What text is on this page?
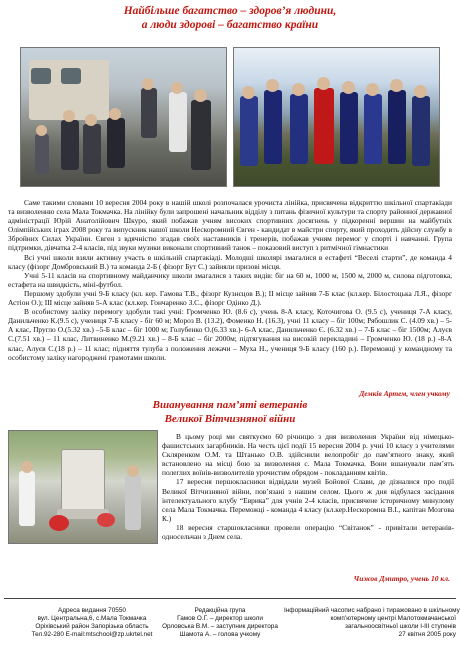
Найбільше багатство – здоров’я людини,
а люди здорові – багатство країни

Саме такими словами 10 вересня 2004 року в нашій школі розпочалася урочиста лінійка, присвячена відкриттю шкільної спартакіади та визволенню села Мала Токмачка. На лінійку були запрошені начальник відділу з питань фізичної культури та спорту районної державної адміністрації Юрій Анатолійович Шкуро, який побажав учням високих спортивних досягнень у підкоренні вершин на майбутніх Олімпійських іграх 2008 року та випускник нашої школи Нескоромний Євген - кандидат в майстри спорту, який проходить дійсну службу в Збройних Силах України. Євген з вдячністю згадав своїх наставників і тренерів, побажав учням перемог у спорті і навчанні. Група підтримки, дівчатка 2-4 класів, під звуки музики виконали спортивний танок – показовий виступ з ритмічної гімнастики

Всі учні школи взяли активну участь в шкільній спартакіаді. Молодші школярі змагалися в естафеті “Веселі старти”, де команда 4 класу (фізорг Домбровський В.) та команда 2-Б ( фізорг Бут С.) зайняли призові місця.

Учні 5-11 класів на спортивному майданчику школи змагалися з таких видів: біг на 60 м, 1000 м, 1500 м, 2000 м, силова підготовка, естафета на швидкість, міні-футбол.

Першому здобули учні 9-Б класу (кл. кер. Гамова Т.В., фізорг Кузнєцов В.); ІІ місце зайняв 7-Б клас (кл.кер. Білостоцька Л.Я., фізорг Астіон О.); ІІІ місце зайняв 5-А клас (кл.кер. Гончаренко З.С., фізорг Одінко Д.).

В особистому заліку перемогу здобули такі учні: Громченко Ю. (8.6 с), учень 8-А класу, Коточигова О. (9.5 с), учениця 7-А класу, Данильченко К.(9.5 с), учениця 7-Б класу - біг 60 м; Мороз В. (13.2), Фоменко Н. (16.3), учні 11 класу – біг 100м; Рябошлик С. (4.09 хв.) – 5-А клас, Пругло О.(5.32 хв.) –5-Б клас – біг 1000 м; Голубенко О.(6.33 хв.)- 6-А клас, Данильченко Є. (6.32 хв.) – 7-Б клас – біг 1500м; Алуєв С.(7.51 хв.) – 11 клас, Литвиненко М.(9.21 хв.) – 8-Б клас – біг 2000м; підтягування на високій перекладині – Громченко Ю. (18 р.) -8-А клас, Алуєв С.(18 р.) – 11 клас; підняття тулуба з положення лежачи – Муха Н., учениця 9-Б класу (160 р.). Переможці у командному та особистому заліку нагороджені грамотами школи.

Демків Артем, член учкому
Вшанування пам’яті ветеранів
Великої Вітчизняної війни

В цьому році ми святкуємо 60 річницю з дня визволення України від німецько-фашистських загарбників. На честь цієї події 15 вересня 2004 р. учні 10 класу з учителями Скляренком О.М. та Штанько О.В. здійснили велопробіг до пам’ятного знаку, який встановлено на місці бою за визволення с. Мала Токмачка. Вони вшанували пам’ять полеглих воїнів-визволителів урочистим обрядом - покладанням квітів.

17 вересня першокласники відвідали музей Бойової Слави, де дізналися про події Великої Вітчизняної війни, пов’язані з нашим селом. Цього ж дня відбулася засідання інтелектуального клубу “Еврика” для учнів 2-4 класів, присвячене історичному минулому села Мала Токмачка. Переможці - команда 4 класу (кл.кер.Нескоромна В.І., капітан Мозгова К.)

18 вересня старшокласники провели операцію “Світанок” - привітали ветеранів-односельчан з Днем села.

Чижов Дмитро, учень 10 кл.
Адреса видання 70550
вул. Центральна,6, с.Мала Токмачка
Оріхівський район Запорізька область
Тел.92-280 E-mail:mtschool@zp.ukrtel.net
Редакційна група
Гамов О.Г. – директор школи
Орловська В.М. – заступник директора
Шамота А. – голова учкому
Інформаційний часопис набрано і тиражовано в шкільному
комп’ютерному центрі Малотокмачанської
загальноосвітньої школи І-ІІІ ступенів
27 квітня 2005 року
